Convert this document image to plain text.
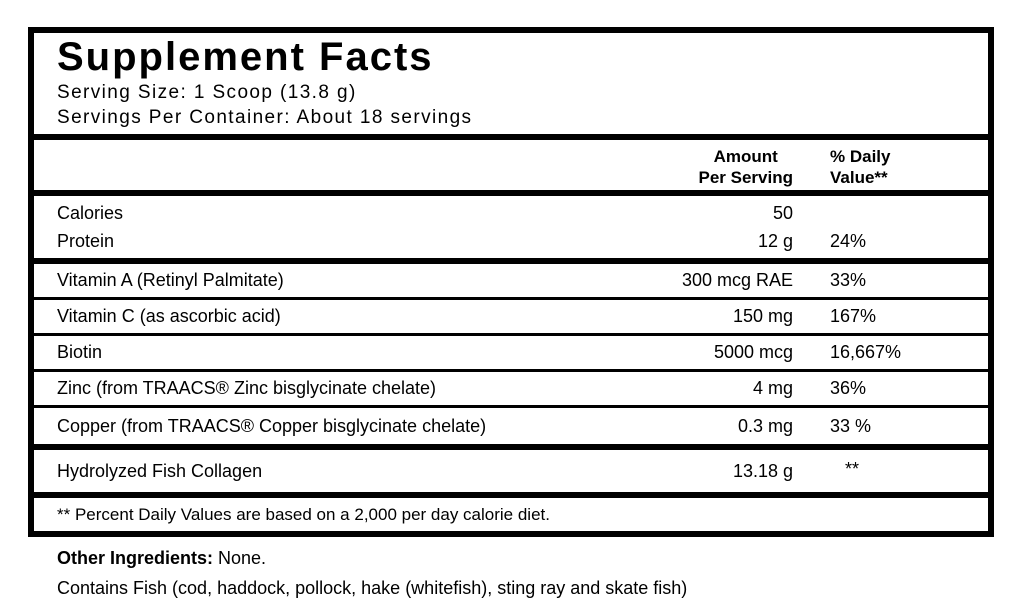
Supplement Facts
Serving Size: 1 Scoop (13.8 g)
Servings Per Container: About 18 servings
Amount
Per Serving
% Daily
Value**
Calories	50
Protein	12 g 24%
Vitamin A (Retinyl Palmitate)	300 mcg RAE 33%
Vitamin C (as ascorbic acid)	150 mg 167%
Biotin	5000 mcg 16,667%
Zinc (from TRAACS® Zinc bisglycinate chelate)	4 mg 36%
Copper (from TRAACS® Copper bisglycinate chelate)	0.3 mg 33 %
Hydrolyzed Fish Collagen	13.18 g	**
** Percent Daily Values are based on a 2,000 per day calorie diet.
Other Ingredients: None.
Contains Fish (cod, haddock, pollock, hake (whitefish), sting ray and skate fish)
